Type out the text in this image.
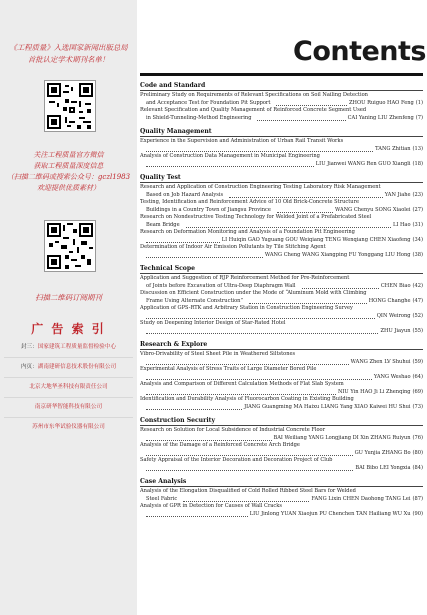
《工程质量》入选国家新闻出版总局
首批认定学术期刊名单！
关注工程质量官方微信
获取工程质量深度信息
（扫描二维码或搜索公众号：gczl1983
欢迎提供优质素材）
扫描二维码订阅期刊
广 告 索 引
封三：国家建筑工程质量监督检验中心
内页：湖南建研信息技术股份有限公司
北京大地华圣科技有限责任公司
南京研华智能科技有限公司
苏州市东华试验仪器有限公司
Contents
Code and Standard
Preliminary Study on Requirements of Relevant Specifications on Soil Nailing Detection
and Acceptance Test for Foundation Pit Support	ZHOU Ruiguo HAO Feng (1)
Relevant Specification and Quality Management of Reinforced Concrete Segment Used
in Shield-Tunneling-Method Engineering	CAI Yaning LIU Zhenfeng (7)
Quality Management
Experience in the Supervision and Administration of Urban Rail Transit Works
TANG Zhitian (13)
Analysis of Construction Data Management in Municipal Engineering
LIU Jianwei WANG Ren GUO Xiangli (18)
Quality Test
Research and Application of Construction Engineering Testing Laboratory Risk Management
Based on Job Hazard Analysis	YAN Jiahe (23)
Testing, Identification and Reinforcement Advice of 10 Old Brick-Concrete Structure
Buildings in a Country Town of Jiangsu Province	WANG Chenyu SONG Xiaolei (27)
Research on Nondestructive Testing Technology for Welded Joint of a Prefabricated Steel
Beam Bridge	LI Hao (31)
Research on Deformation Monitoring and Analysis of a Foundation Pit Engineering
LI Huiqin GAO Yuguang GOU Weiqiang TENG Wenqiang CHEN Xiaofeng (34)
Determination of Indoor Air Emission Pollutants by Tile Stitching Agent
WANG Cheng WANG Xiangping FU Yonggang LIU Hong (38)
Technical Scope
Application and Suggestion of RJP Reinforcement Method for Pre-Reinforcement
of Joints before Excavation of Ultra-Deep Diaphragm Wall	CHEN Biao (42)
Discussion on Efficient Construction under the Mode of “Aluminum Mold with Climbing
Frame Using Alternate Construction”	HONG Changhe (47)
Application of GPS-RTK and Arbitrary Station in Construction Engineering Survey
QIN Weirong (52)
Study on Deepening Interior Design of Star-Rated Hotel
ZHU Jiayun (55)
Research & Explore
Vibro-Drivability of Steel Sheet Pile in Weathered Siltstones
WANG Zhen LV Shuhui (59)
Experimental Analysis of Stress Traits of Large Diameter Bored Pile
YANG Weshao (64)
Analysis and Comparison of Different Calculation Methods of Flat Slab System
NIU Yin HAO Ji Li Zhenqing (69)
Identification and Durability Analysis of Fluorocarbon Coating in Existing Building
JIANG Guangming MA Haixu LIANG Yang XIAO Kaiwei HU Shui (73)
Construction Security
Research on Solution for Local Subsidence of Industrial Concrete Floor
BAI Weiliang YANG Longjiang DI Xin ZHANG Ruiyun (76)
Analysis of the Damage of a Reinforced Concrete Arch Bridge
GU Yunjia ZHANG Bo (80)
Safety Appraisal of the Interior Decoration and Decoration Project of Club
BAI Bibo LEI Yongxia (84)
Case Analysis
Analysis of the Elongation Disqualified of Cold Rolled Ribbed Steel Bars for Welded
Steel Fabric	FANG Lixin CHEN Daohong TANG Lei (87)
Analysis of GPR in Detection for Causes of Wall Cracks
LIU Jinlong YUAN Xiaojun PU Chenchen TAN Hailiang WU Xu (90)
